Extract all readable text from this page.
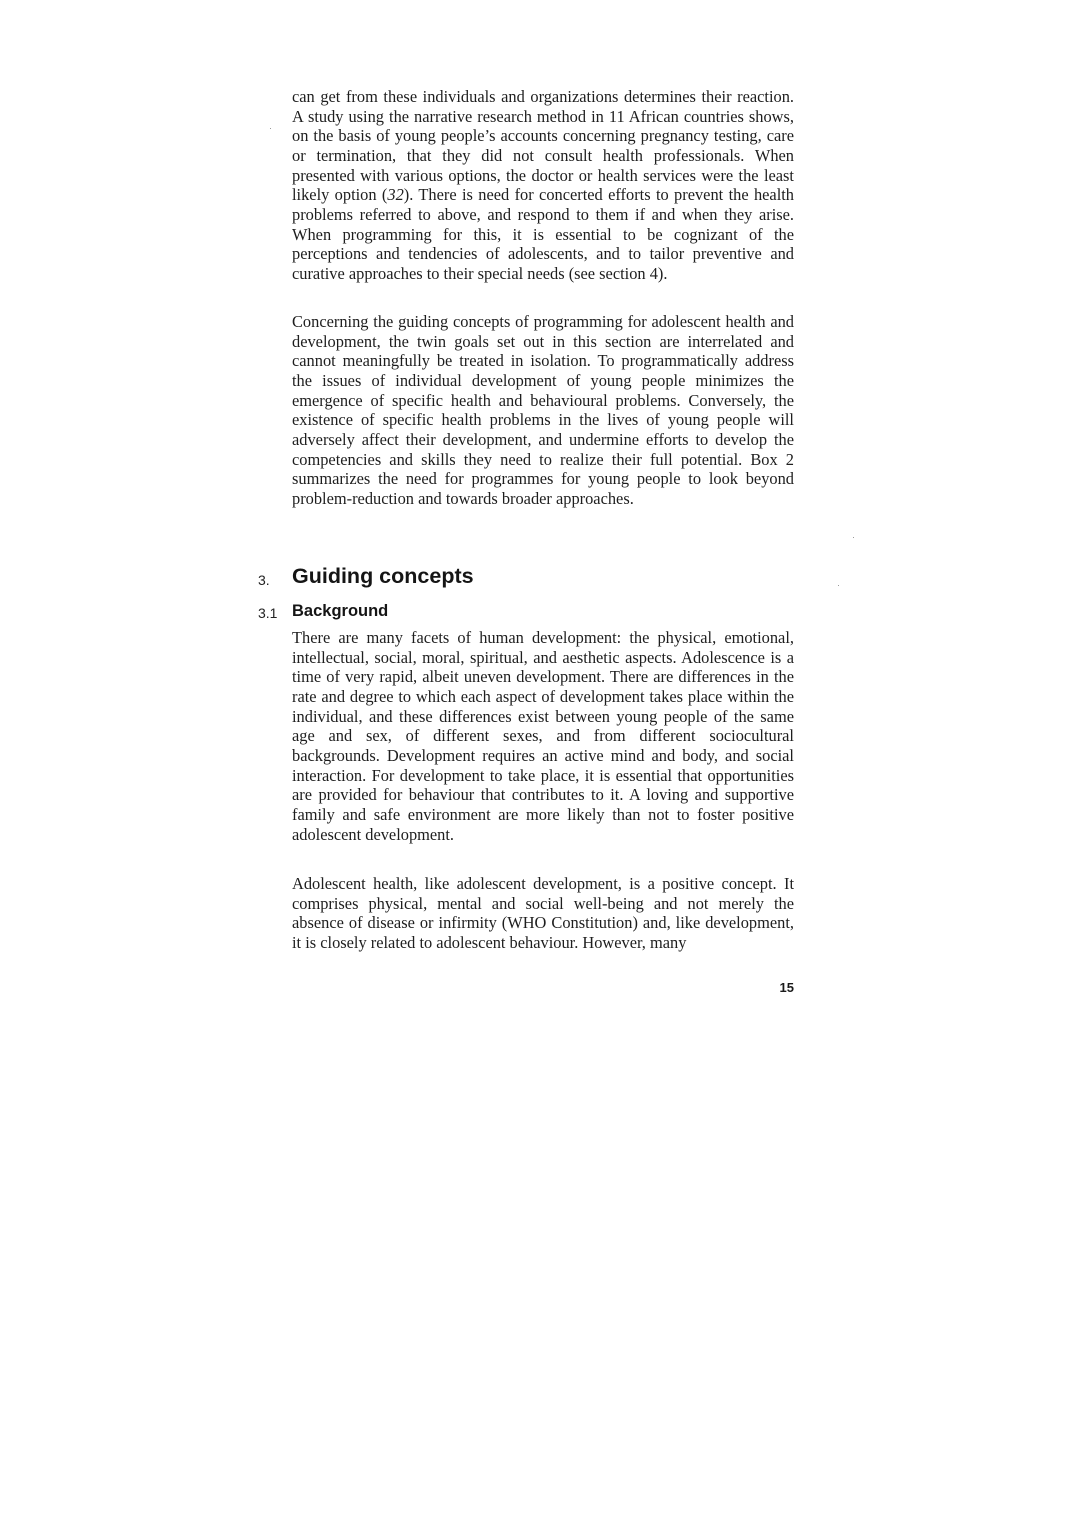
can get from these individuals and organizations determines their reaction. A study using the narrative research method in 11 African countries shows, on the basis of young people’s accounts concerning pregnancy testing, care or termination, that they did not consult health professionals. When presented with various options, the doctor or health services were the least likely option (32). There is need for concerted efforts to prevent the health problems referred to above, and respond to them if and when they arise. When programming for this, it is essential to be cognizant of the perceptions and tendencies of adolescents, and to tailor preventive and curative approaches to their special needs (see section 4).

Concerning the guiding concepts of programming for adolescent health and development, the twin goals set out in this section are interrelated and cannot meaningfully be treated in isolation. To programmatically address the issues of individual development of young people minimizes the emergence of specific health and behavioural problems. Conversely, the existence of specific health problems in the lives of young people will adversely affect their development, and undermine efforts to develop the competencies and skills they need to realize their full potential. Box 2 summarizes the need for programmes for young people to look beyond problem-reduction and towards broader approaches.

3. Guiding concepts
3.1 Background

There are many facets of human development: the physical, emotional, intellectual, social, moral, spiritual, and aesthetic aspects. Adolescence is a time of very rapid, albeit uneven development. There are differences in the rate and degree to which each aspect of development takes place within the individual, and these differences exist between young people of the same age and sex, of different sexes, and from different sociocultural backgrounds. Development requires an active mind and body, and social interaction. For development to take place, it is essential that opportunities are provided for behaviour that contributes to it. A loving and supportive family and safe environment are more likely than not to foster positive adolescent development.

Adolescent health, like adolescent development, is a positive concept. It comprises physical, mental and social well-being and not merely the absence of disease or infirmity (WHO Constitution) and, like development, it is closely related to adolescent behaviour. However, many

15
